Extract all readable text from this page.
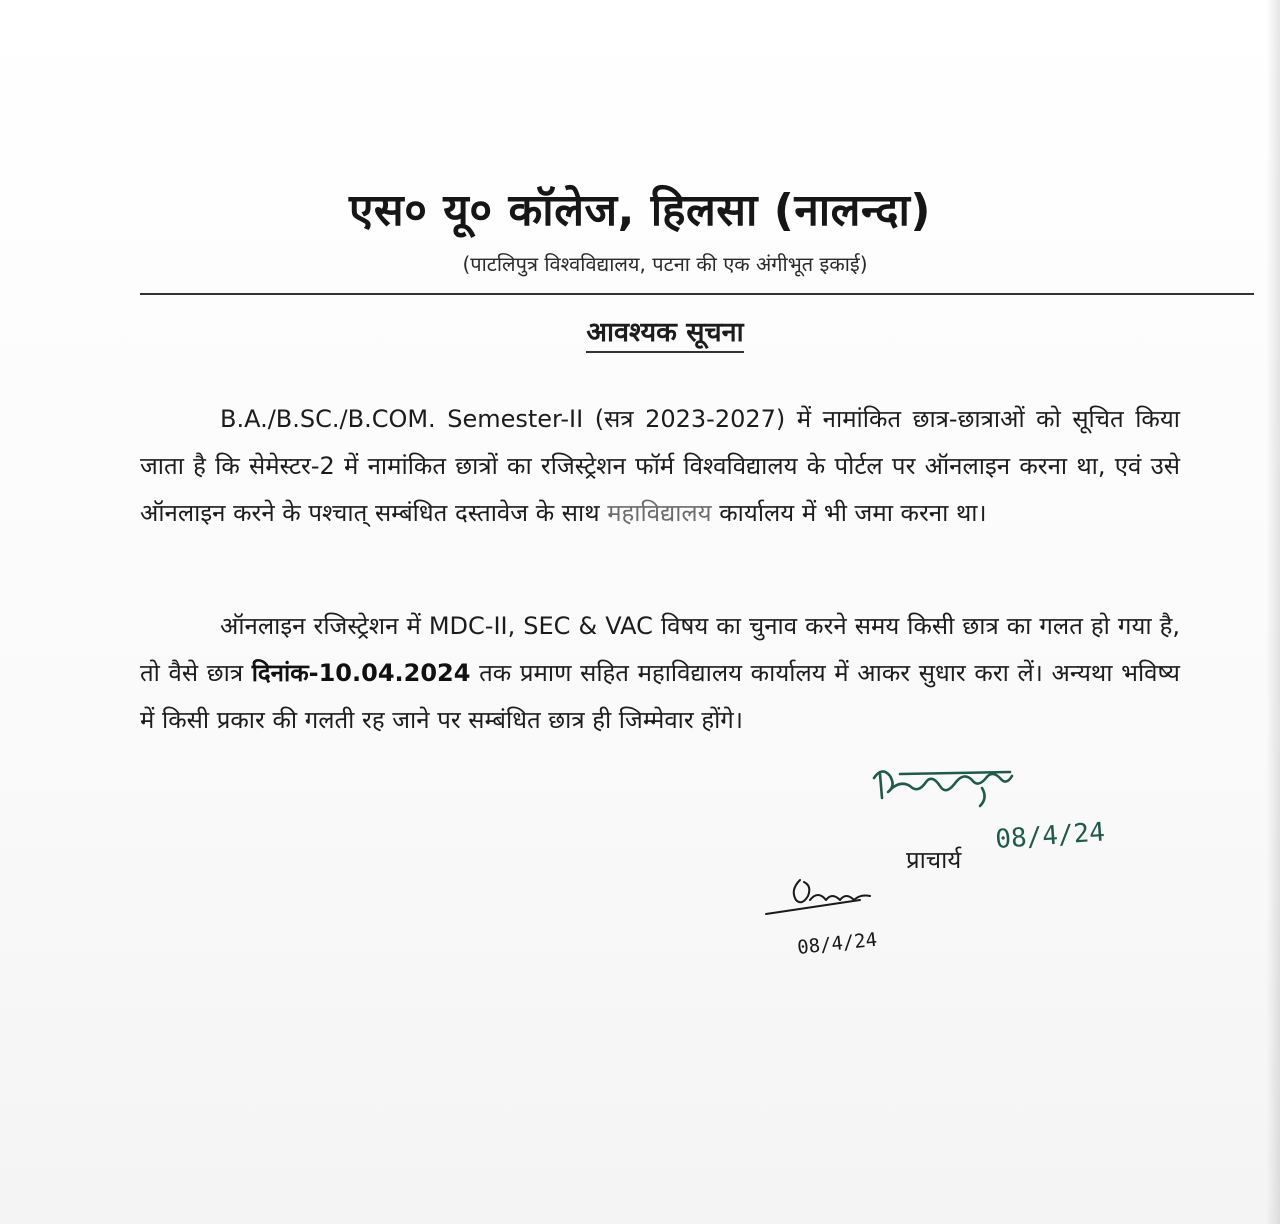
एस० यू० कॉलेज, हिलसा (नालन्दा)

(पाटलिपुत्र विश्वविद्यालय, पटना की एक अंगीभूत इकाई)

आवश्यक सूचना

B.A./B.SC./B.COM. Semester-II (सत्र 2023-2027) में नामांकित छात्र-छात्राओं को सूचित किया जाता है कि सेमेस्टर-2 में नामांकित छात्रों का रजिस्ट्रेशन फॉर्म विश्वविद्यालय के पोर्टल पर ऑनलाइन करना था, एवं उसे ऑनलाइन करने के पश्चात् सम्बंधित दस्तावेज के साथ महाविद्यालय कार्यालय में भी जमा करना था।

ऑनलाइन रजिस्ट्रेशन में MDC-II, SEC & VAC विषय का चुनाव करने समय किसी छात्र का गलत हो गया है, तो वैसे छात्र दिनांक-10.04.2024 तक प्रमाण सहित महाविद्यालय कार्यालय में आकर सुधार करा लें। अन्यथा भविष्य में किसी प्रकार की गलती रह जाने पर सम्बंधित छात्र ही जिम्मेवार होंगे।

08/4/24

प्राचार्य

08/4/24
